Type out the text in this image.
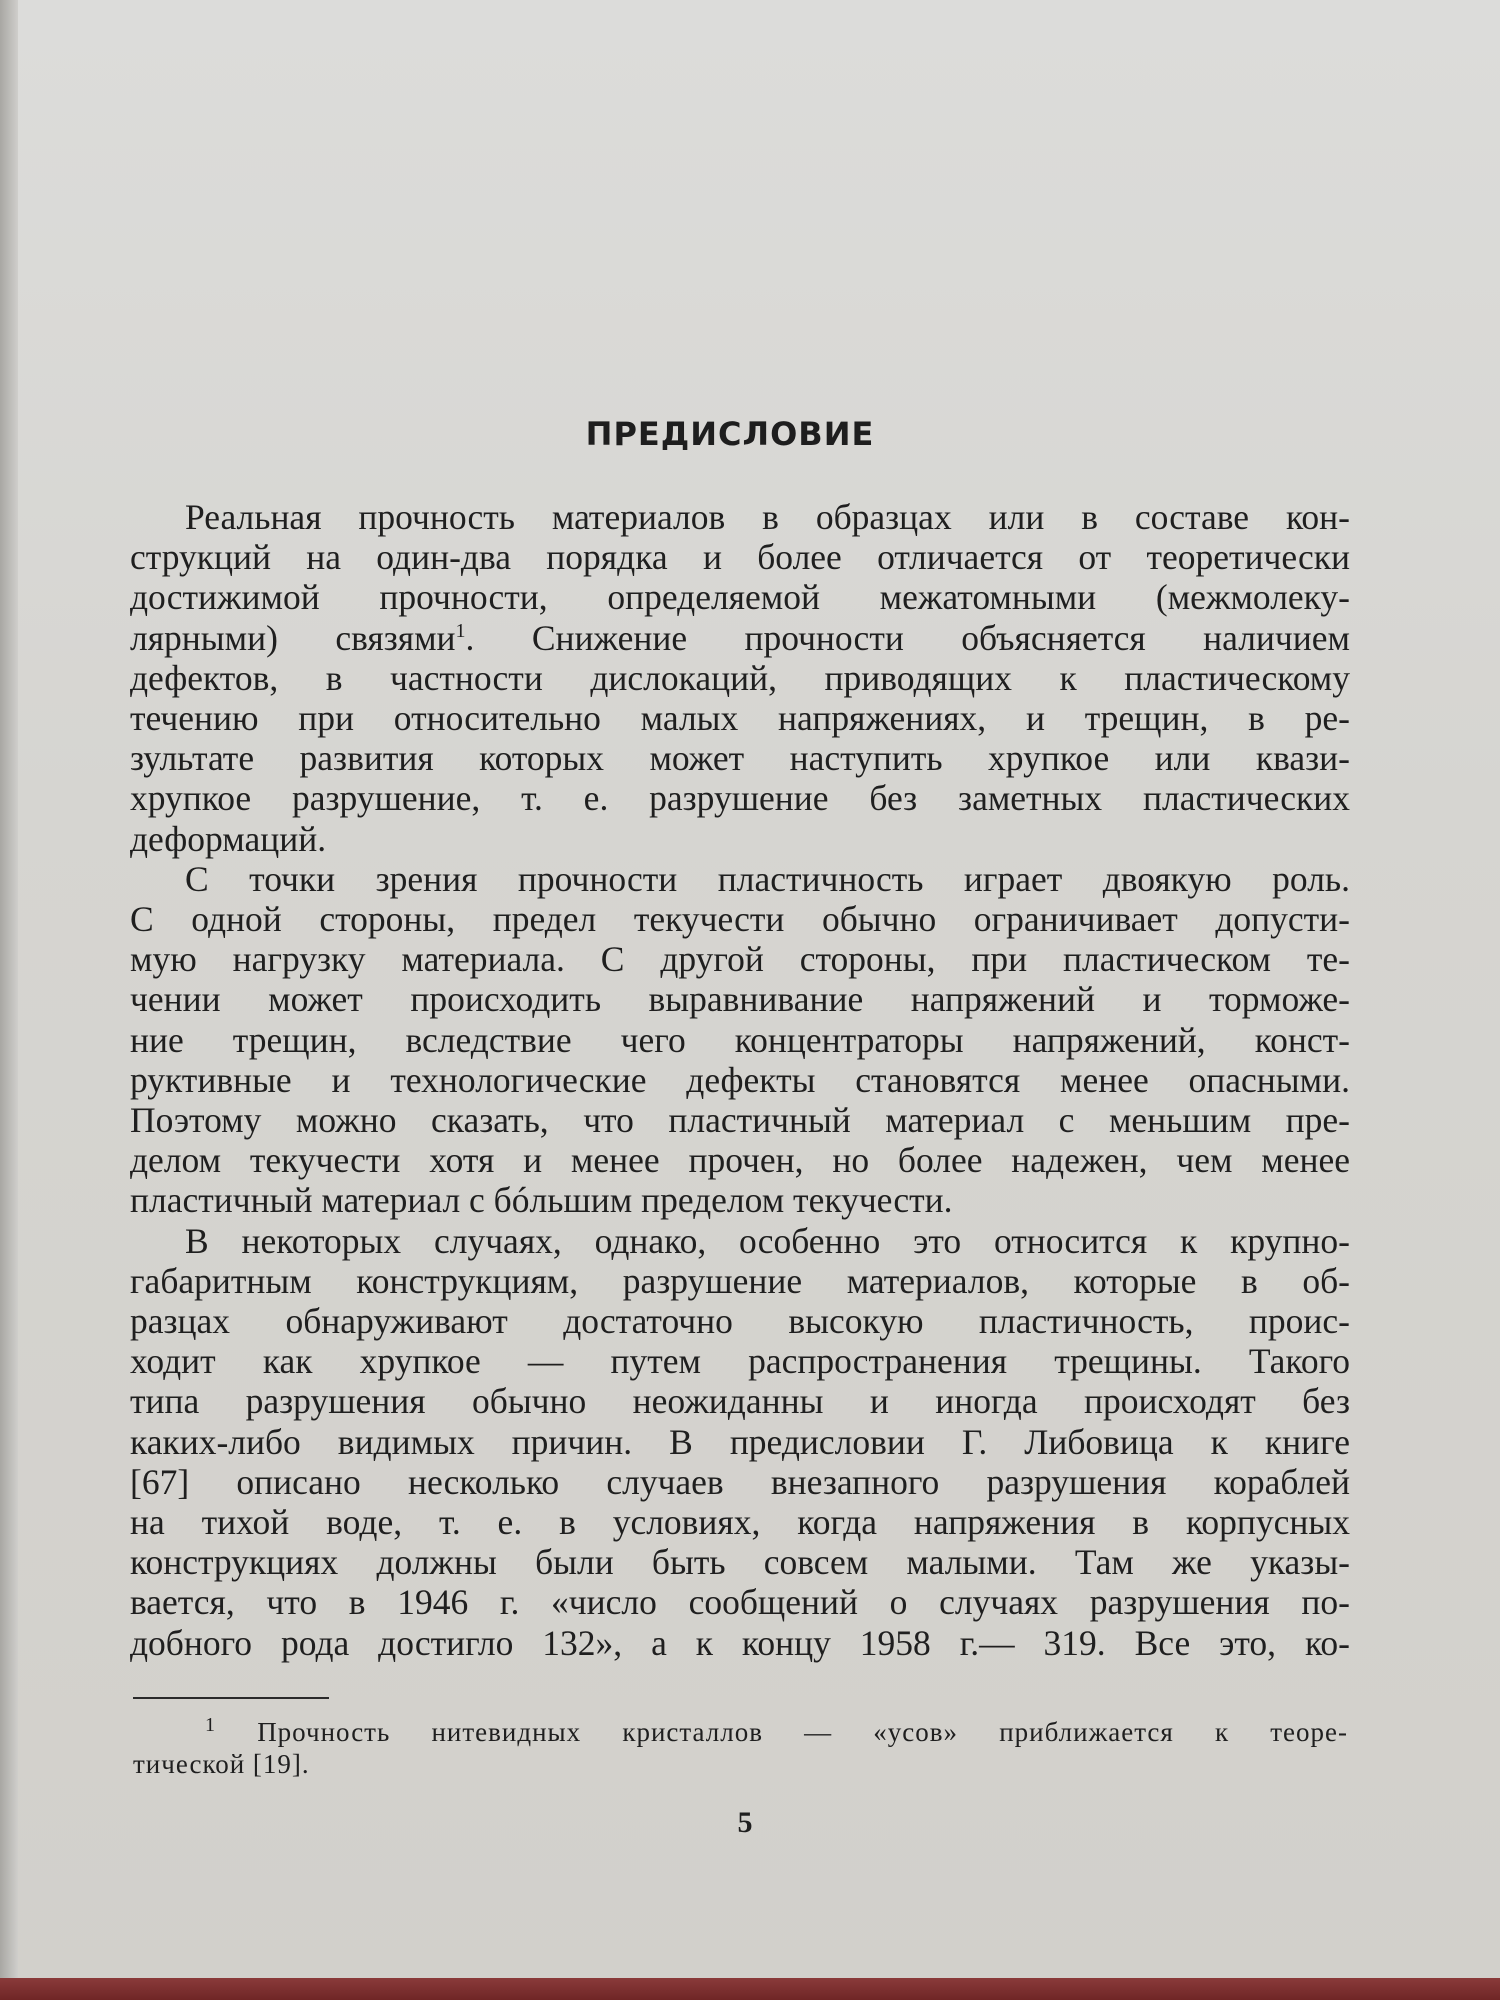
ПРЕДИСЛОВИЕ

Реальная прочность материалов в образцах или в составе кон-
струкций на один-два порядка и более отличается от теоретически
достижимой прочности, определяемой межатомными (межмолеку-
лярными) связями$^1$. Снижение прочности объясняется наличием
дефектов, в частности дислокаций, приводящих к пластическому
течению при относительно малых напряжениях, и трещин, в ре-
зультате развития которых может наступить хрупкое или квази-
хрупкое разрушение, т. е. разрушение без заметных пластических
деформаций.

С точки зрения прочности пластичность играет двоякую роль.
С одной стороны, предел текучести обычно ограничивает допусти-
мую нагрузку материала. С другой стороны, при пластическом те-
чении может происходить выравнивание напряжений и торможе-
ние трещин, вследствие чего концентраторы напряжений, конст-
руктивные и технологические дефекты становятся менее опасными.
Поэтому можно сказать, что пластичный материал с меньшим пре-
делом текучести хотя и менее прочен, но более надежен, чем менее
пластичный материал с бóльшим пределом текучести.

В некоторых случаях, однако, особенно это относится к крупно-
габаритным конструкциям, разрушение материалов, которые в об-
разцах обнаруживают достаточно высокую пластичность, проис-
ходит как хрупкое — путем распространения трещины. Такого
типа разрушения обычно неожиданны и иногда происходят без
каких-либо видимых причин. В предисловии Г. Либовица к книге
[67] описано несколько случаев внезапного разрушения кораблей
на тихой воде, т. е. в условиях, когда напряжения в корпусных
конструкциях должны были быть совсем малыми. Там же указы-
вается, что в 1946 г. «число сообщений о случаях разрушения по-
добного рода достигло 132», а к концу 1958 г.— 319. Все это, ко-

$^1$ Прочность нитевидных кристаллов — «усов» приближается к теоре-
тической [19].
5
